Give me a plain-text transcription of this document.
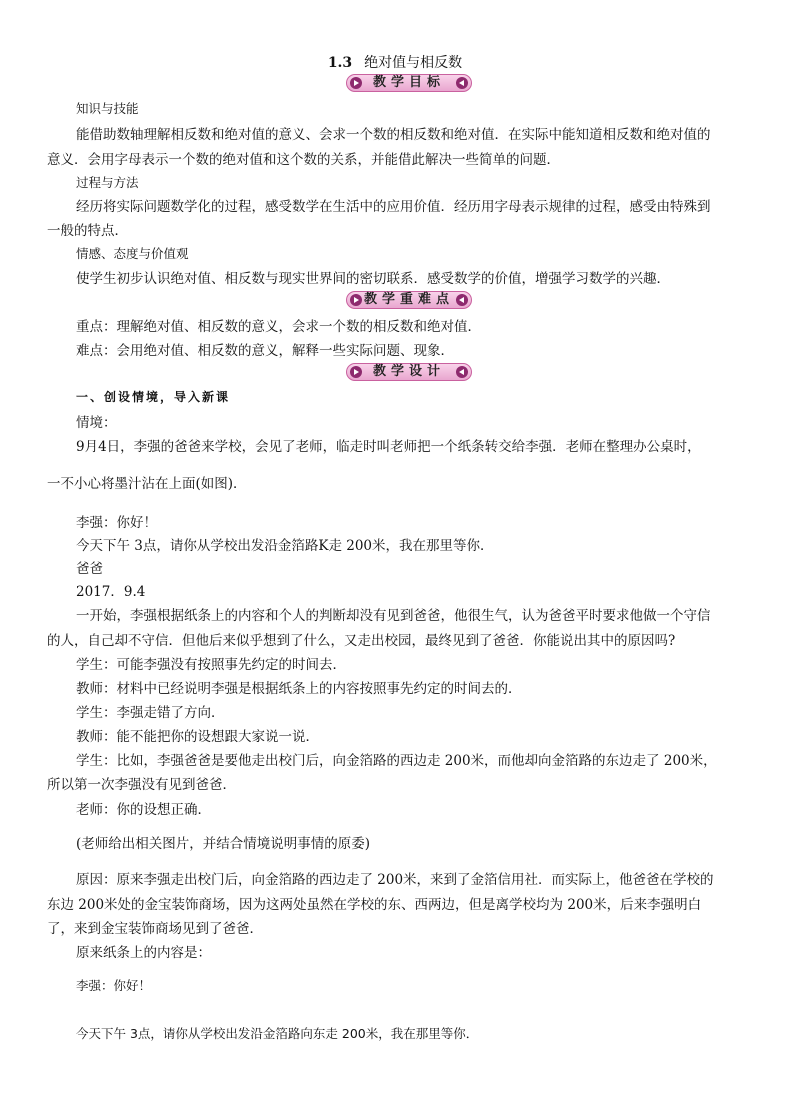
1.3 绝对值与相反数
教学目标
知识与技能
能借助数轴理解相反数和绝对值的意义、会求一个数的相反数和绝对值．在实际中能知道相反数和绝对值的
意义．会用字母表示一个数的绝对值和这个数的关系，并能借此解决一些简单的问题．
过程与方法
经历将实际问题数学化的过程，感受数学在生活中的应用价值．经历用字母表示规律的过程，感受由特殊到
一般的特点．
情感、态度与价值观
使学生初步认识绝对值、相反数与现实世界间的密切联系．感受数学的价值，增强学习数学的兴趣．
教学重难点
重点：理解绝对值、相反数的意义，会求一个数的相反数和绝对值．
难点：会用绝对值、相反数的意义，解释一些实际问题、现象．
教学设计
一、创设情境，导入新课
情境：
9月4日，李强的爸爸来学校，会见了老师，临走时叫老师把一个纸条转交给李强．老师在整理办公桌时，
一不小心将墨汁沾在上面(如图)．
李强：你好！
今天下午 3点，请你从学校出发沿金箔路K走 200米，我在那里等你．
爸爸
2017．9.4
一开始，李强根据纸条上的内容和个人的判断却没有见到爸爸，他很生气，认为爸爸平时要求他做一个守信
的人，自己却不守信．但他后来似乎想到了什么，又走出校园，最终见到了爸爸．你能说出其中的原因吗?
学生：可能李强没有按照事先约定的时间去．
教师：材料中已经说明李强是根据纸条上的内容按照事先约定的时间去的．
学生：李强走错了方向．
教师：能不能把你的设想跟大家说一说．
学生：比如，李强爸爸是要他走出校门后，向金箔路的西边走 200米，而他却向金箔路的东边走了 200米，
所以第一次李强没有见到爸爸．
老师：你的设想正确．
(老师给出相关图片，并结合情境说明事情的原委)
原因：原来李强走出校门后，向金箔路的西边走了 200米，来到了金箔信用社．而实际上，他爸爸在学校的
东边 200米处的金宝装饰商场，因为这两处虽然在学校的东、西两边，但是离学校均为 200米，后来李强明白
了，来到金宝装饰商场见到了爸爸．
原来纸条上的内容是：
李强：你好！
今天下午 3点，请你从学校出发沿金箔路向东走 200米，我在那里等你．
